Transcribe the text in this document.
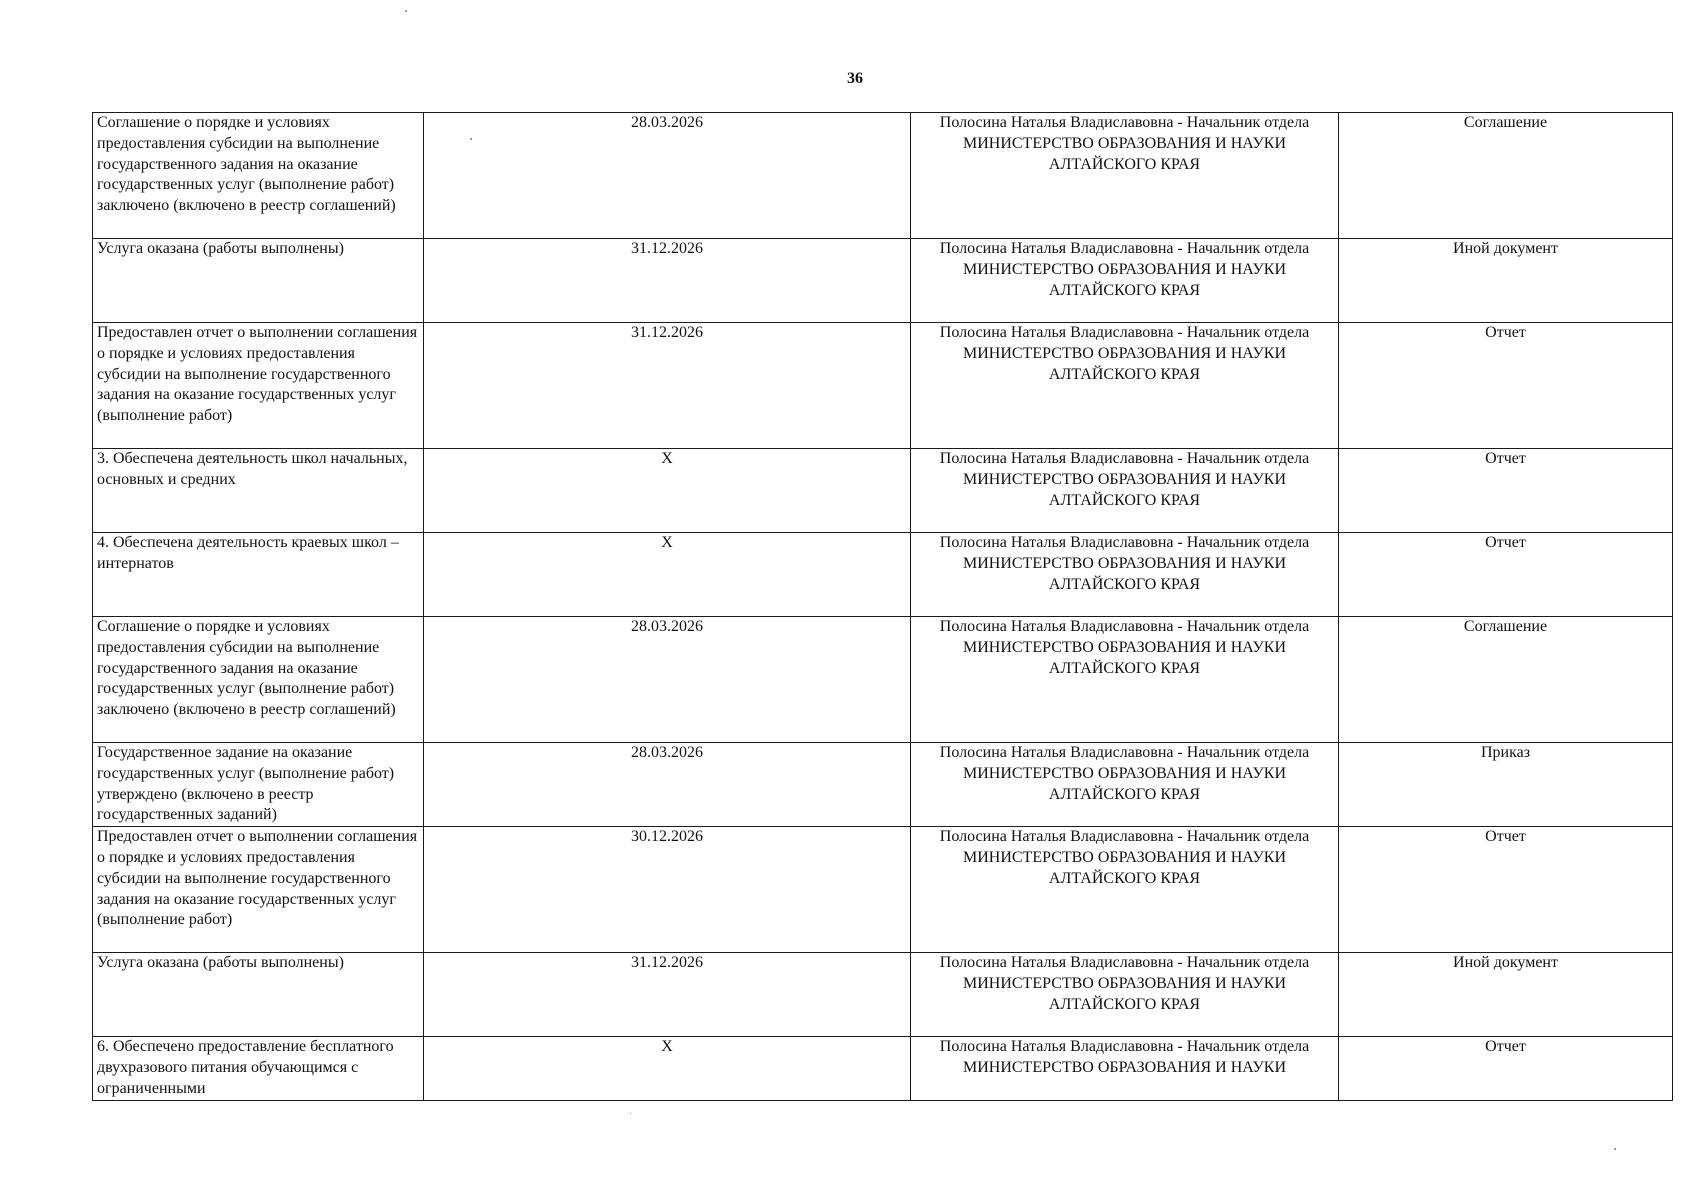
36
Соглашение о порядке и условиях предоставления субсидии на выполнение государственного задания на оказание государственных услуг (выполнение работ) заключено (включено в реестр соглашений)	28.03.2026	Полосина Наталья Владиславовна - Начальник отдела
МИНИСТЕРСТВО ОБРАЗОВАНИЯ И НАУКИ АЛТАЙСКОГО КРАЯ	Соглашение
Услуга оказана (работы выполнены)	31.12.2026	Полосина Наталья Владиславовна - Начальник отдела
МИНИСТЕРСТВО ОБРАЗОВАНИЯ И НАУКИ АЛТАЙСКОГО КРАЯ	Иной документ
Предоставлен отчет о выполнении соглашения о порядке и условиях предоставления субсидии на выполнение государственного задания на оказание государственных услуг (выполнение работ)	31.12.2026	Полосина Наталья Владиславовна - Начальник отдела
МИНИСТЕРСТВО ОБРАЗОВАНИЯ И НАУКИ АЛТАЙСКОГО КРАЯ	Отчет
3. Обеспечена деятельность школ начальных, основных и средних	X	Полосина Наталья Владиславовна - Начальник отдела
МИНИСТЕРСТВО ОБРАЗОВАНИЯ И НАУКИ АЛТАЙСКОГО КРАЯ	Отчет
4. Обеспечена деятельность краевых школ – интернатов	X	Полосина Наталья Владиславовна - Начальник отдела
МИНИСТЕРСТВО ОБРАЗОВАНИЯ И НАУКИ АЛТАЙСКОГО КРАЯ	Отчет
Соглашение о порядке и условиях предоставления субсидии на выполнение государственного задания на оказание государственных услуг (выполнение работ) заключено (включено в реестр соглашений)	28.03.2026	Полосина Наталья Владиславовна - Начальник отдела
МИНИСТЕРСТВО ОБРАЗОВАНИЯ И НАУКИ АЛТАЙСКОГО КРАЯ	Соглашение
Государственное задание на оказание государственных услуг (выполнение работ) утверждено (включено в реестр государственных заданий)	28.03.2026	Полосина Наталья Владиславовна - Начальник отдела
МИНИСТЕРСТВО ОБРАЗОВАНИЯ И НАУКИ АЛТАЙСКОГО КРАЯ	Приказ
Предоставлен отчет о выполнении соглашения о порядке и условиях предоставления субсидии на выполнение государственного задания на оказание государственных услуг (выполнение работ)	30.12.2026	Полосина Наталья Владиславовна - Начальник отдела
МИНИСТЕРСТВО ОБРАЗОВАНИЯ И НАУКИ АЛТАЙСКОГО КРАЯ	Отчет
Услуга оказана (работы выполнены)	31.12.2026	Полосина Наталья Владиславовна - Начальник отдела
МИНИСТЕРСТВО ОБРАЗОВАНИЯ И НАУКИ АЛТАЙСКОГО КРАЯ	Иной документ
6. Обеспечено предоставление бесплатного двухразового питания обучающимся с ограниченными	X	Полосина Наталья Владиславовна - Начальник отдела
МИНИСТЕРСТВО ОБРАЗОВАНИЯ И НАУКИ	Отчет
